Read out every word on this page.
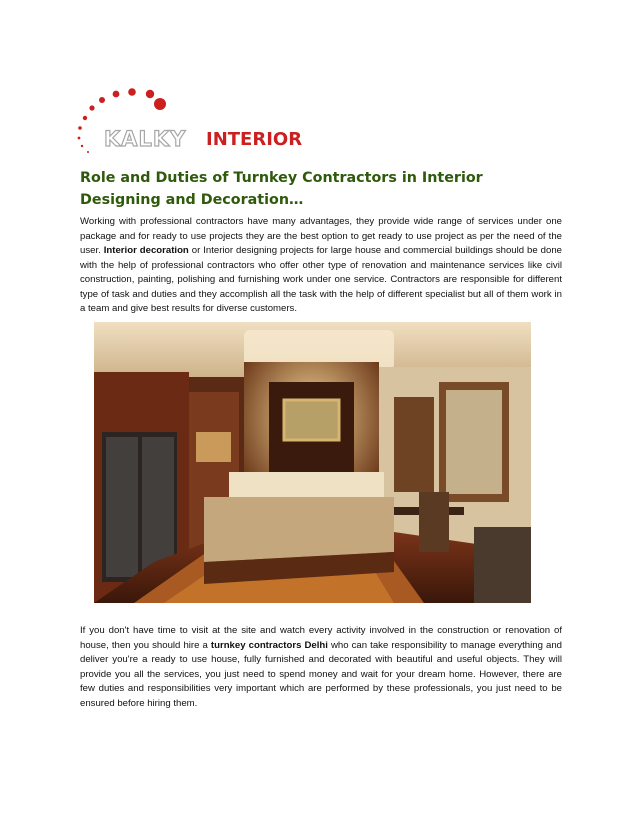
KALKY INTERIOR
Role and Duties of Turnkey Contractors in Interior Designing and Decoration…

Working with professional contractors have many advantages, they provide wide range of services under one package and for ready to use projects they are the best option to get ready to use project as per the need of the user. Interior decoration or Interior designing projects for large house and commercial buildings should be done with the help of professional contractors who offer other type of renovation and maintenance services like civil construction, painting, polishing and furnishing work under one service. Contractors are responsible for different type of task and duties and they accomplish all the task with the help of different specialist but all of them work in a team and give best results for diverse customers.

If you don't have time to visit at the site and watch every activity involved in the construction or renovation of house, then you should hire a turnkey contractors Delhi who can take responsibility to manage everything and deliver you're a ready to use house, fully furnished and decorated with beautiful and useful objects. They will provide you all the services, you just need to spend money and wait for your dream home. However, there are few duties and responsibilities very important which are performed by these professionals, you just need to be ensured before hiring them.
